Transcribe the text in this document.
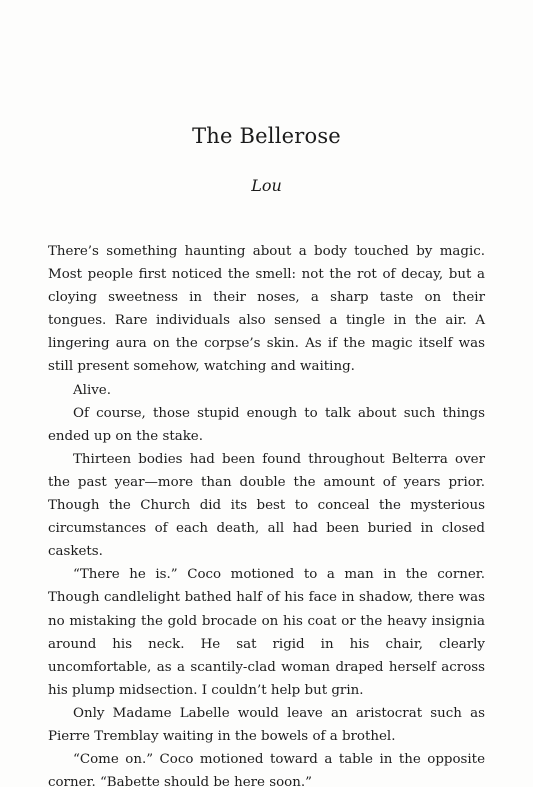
The Bellerose
Lou

There’s something haunting about a body touched by magic. Most people first noticed the smell: not the rot of decay, but a cloying sweetness in their noses, a sharp taste on their tongues. Rare individuals also sensed a tingle in the air. A lingering aura on the corpse’s skin. As if the magic itself was still present somehow, watching and waiting.

Alive.

Of course, those stupid enough to talk about such things ended up on the stake.

Thirteen bodies had been found throughout Belterra over the past year—more than double the amount of years prior. Though the Church did its best to conceal the mysterious circumstances of each death, all had been buried in closed caskets.

“There he is.” Coco motioned to a man in the corner. Though candlelight bathed half of his face in shadow, there was no mistaking the gold brocade on his coat or the heavy insignia around his neck. He sat rigid in his chair, clearly uncomfortable, as a scantily-clad woman draped herself across his plump midsection. I couldn’t help but grin.

Only Madame Labelle would leave an aristocrat such as Pierre Tremblay waiting in the bowels of a brothel.

“Come on.” Coco motioned toward a table in the opposite corner. “Babette should be here soon.”
